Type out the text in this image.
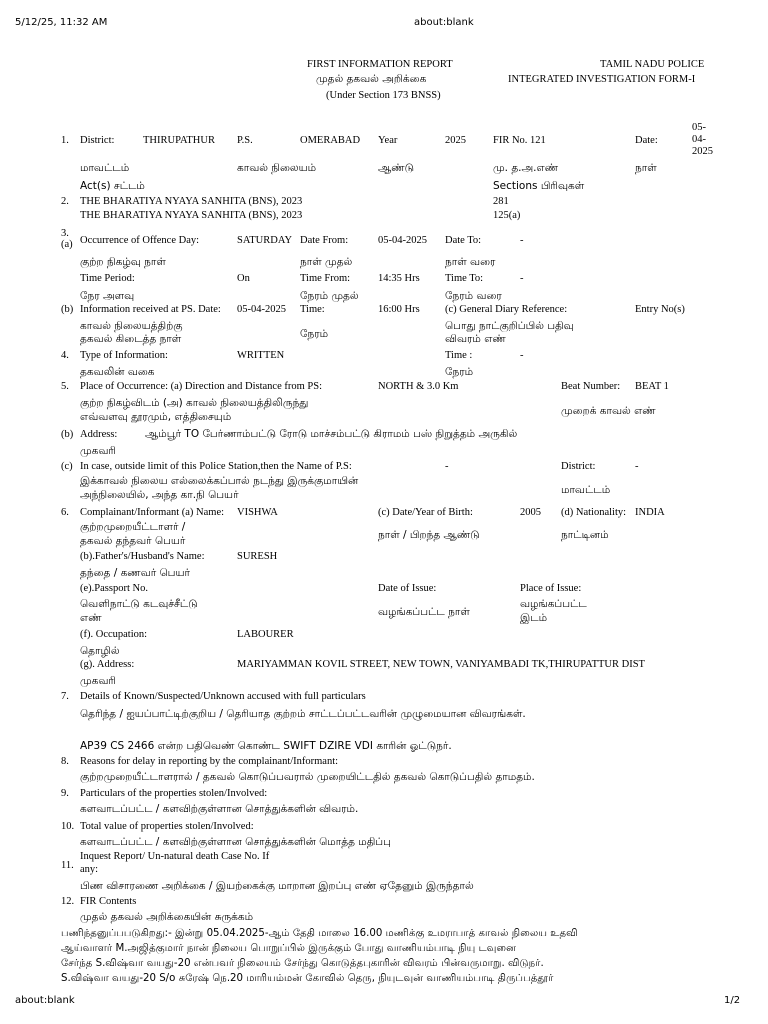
5/12/25, 11:32 AM	about:blank
about:blank	1/2
FIRST INFORMATION REPORT
முதல் தகவல் அறிக்கை
(Under Section 173 BNSS)
TAMIL NADU POLICE
INTEGRATED INVESTIGATION FORM-I
1. District:	THIRUPATHUR P.S.	OMERABAD Year	2025	FIR No. 121	Date:
05-
04-
2025
மாவட்டம்	காவல் நிலையம்	ஆண்டு	மு. த.அ.எண்	நாள்
Act(s) சட்டம்	Sections பிரிவுகள்
2. THE BHARATIYA NYAYA SANHITA (BNS), 2023
THE BHARATIYA NYAYA SANHITA (BNS), 2023
281
125(a)
3.
(a) Occurrence of Offence Day:	SATURDAY Date From:	05-04-2025 Date To:	-
குற்ற நிகழ்வு நாள்	நாள் முதல்	நாள் வரை
Time Period:	On	Time From:	14:35 Hrs Time To:	-
நேர அளவு	நேரம் முதல்	நேரம் வரை
(b) Information received at PS. Date: 05-04-2025 Time:	16:00 Hrs (c) General Diary Reference:	Entry No(s)
காவல் நிலையத்திற்கு
தகவல் கிடைத்த நாள்	நேரம்
பொது நாட்குறிப்பில் பதிவு
விவரம் எண்
4. Type of Information:	WRITTEN	Time :	-
தகவலின் வகை	நேரம்
5. Place of Occurrence: (a) Direction and Distance from PS:	NORTH & 3.0 Km	Beat Number: BEAT 1
குற்ற நிகழ்விடம் (அ) காவல் நிலையத்திலிருந்து
எவ்வளவு தூரமும், எத்திசையும்	முறைக் காவல் எண்
(b) Address:	ஆம்பூர் TO பேர்ணாம்பட்டு ரோடு மாச்சம்பட்டு கிராமம் பஸ் நிறுத்தம் அருகில்
முகவரி
(c) In case, outside limit of this Police Station,then the Name of P.S:	-	District:	-
இக்காவல் நிலைய எல்லைக்கப்பால் நடந்து இருக்குமாயின்
அந்நிலையில், அந்த கா.நி பெயர்	மாவட்டம்
6. Complainant/Informant (a) Name: VISHWA	(c) Date/Year of Birth:	2005 (d) Nationality: INDIA
குற்றமுறையீட்டாளர் /
தகவல் தந்தவர் பெயர்	நாள் / பிறந்த ஆண்டு	நாட்டினம்
(b).Father's/Husband's Name:	SURESH
தந்தை / கணவர் பெயர்
(e).Passport No.	Date of Issue:	Place of Issue:
வெளிநாட்டு கடவுச்சீட்டு
எண்	வழங்கப்பட்ட நாள்
வழங்கப்பட்ட
இடம்
(f). Occupation:	LABOURER
தொழில்
(g). Address:	MARIYAMMAN KOVIL STREET, NEW TOWN, VANIYAMBADI TK,THIRUPATTUR DIST
முகவரி
7. Details of Known/Suspected/Unknown accused with full particulars
தெரிந்த / ஐயப்பாட்டிற்குறிய / தெரியாத குற்றம் சாட்டப்பட்டவரின் முழுமையான விவரங்கள்.
AP39 CS 2466 என்ற பதிவெண் கொண்ட SWIFT DZIRE VDI காரின் ஓட்டுநர்.
8. Reasons for delay in reporting by the complainant/Informant:
குற்றமுறையீட்டாளரால் / தகவல் கொடுப்பவரால் முறையிட்டதில் தகவல் கொடுப்பதில் தாமதம்.
9. Particulars of the properties stolen/Involved:
களவாடப்பட்ட / களவிற்குள்ளான சொத்துக்களின் விவரம்.
10. Total value of properties stolen/Involved:
களவாடப்பட்ட / களவிற்குள்ளான சொத்துக்களின் மொத்த மதிப்பு
11.
Inquest Report/ Un-natural death Case No. If
any:
பிண விசாரணை அறிக்கை / இயற்கைக்கு மாறான இறப்பு எண் ஏதேனும் இருந்தால்
12. FIR Contents
முதல் தகவல் அறிக்கையின் சுருக்கம்
பணிந்தனுப்பபடுகிறது:- இன்று 05.04.2025-ஆம் தேதி மாலை 16.00 மணிக்கு உமராபாத் காவல் நிலைய உதவி
ஆய்வாளர் M.அஜித்குமார் நான் நிலைய பொறுப்பில் இருக்கும் போது வாணியம்பாடி நியு டவுனை
சேர்ந்த S.விஷ்வா வயது-20 என்பவர் நிலையம் சேர்ந்து கொடுத்தபுகாரின் விவரம் பின்வருமாறு. விடுநர்.
S.விஷ்வா வயது-20 S/o சுரேஷ் நெ.20 மாரியம்மன் கோவில் தெரு, நியுடவுன் வாணியம்பாடி திருப்பத்தூர்
